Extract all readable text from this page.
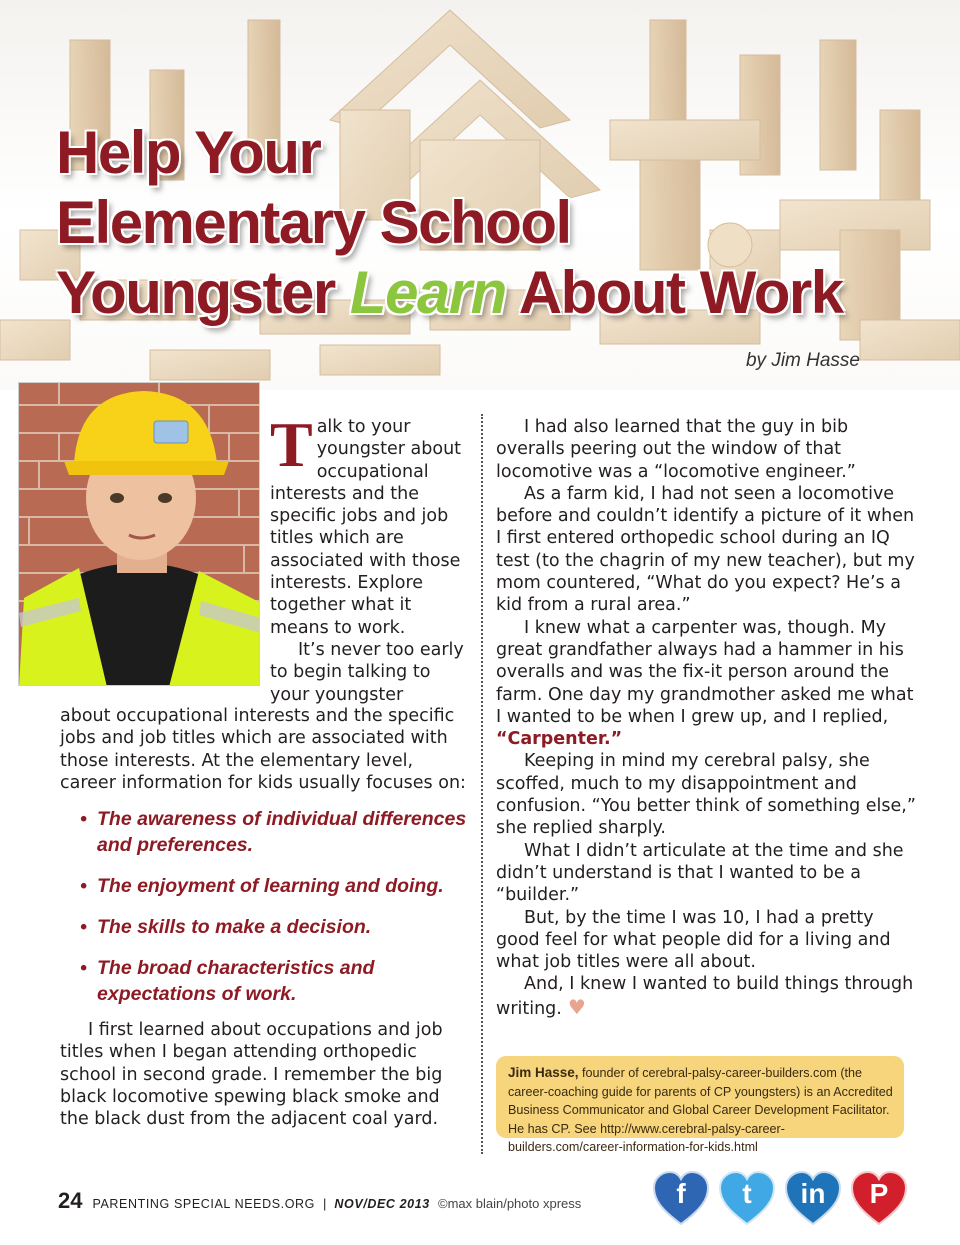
Help Your
Elementary School
Youngster Learn About Work
by Jim Hasse
Talk to your youngster about occupational interests and the specific jobs and job titles which are associated with those interests. Explore together what it means to work.
It’s never too early to begin talking to your youngster
about occupational interests and the specific jobs and job titles which are associated with those interests. At the elementary level, career information for kids usually focuses on:
• The awareness of individual differences and preferences.
• The enjoyment of learning and doing.
• The skills to make a decision.
• The broad characteristics and expectations of work.
I first learned about occupations and job titles when I began attending orthopedic school in second grade. I remember the big black locomotive spewing black smoke and the black dust from the adjacent coal yard.
I had also learned that the guy in bib overalls peering out the window of that locomotive was a “locomotive engineer.”
As a farm kid, I had not seen a locomotive before and couldn’t identify a picture of it when I first entered orthopedic school during an IQ test (to the chagrin of my new teacher), but my mom countered, “What do you expect? He’s a kid from a rural area.”
I knew what a carpenter was, though. My great grandfather always had a hammer in his overalls and was the fix-it person around the farm. One day my grandmother asked me what I wanted to be when I grew up, and I replied, “Carpenter.”
Keeping in mind my cerebral palsy, she scoffed, much to my disappointment and confusion. “You better think of something else,” she replied sharply.
What I didn’t articulate at the time and she didn’t understand is that I wanted to be a “builder.”
But, by the time I was 10, I had a pretty good feel for what people did for a living and what job titles were all about.
And, I knew I wanted to build things through writing. ♥
Jim Hasse, founder of cerebral-palsy-career-builders.com (the career-coaching guide for parents of CP youngsters) is an Accredited Business Communicator and Global Career Development Facilitator. He has CP. See http://www.cerebral-palsy-career-builders.com/career-information-for-kids.html
24 PARENTING SPECIAL NEEDS.ORG | NOV/DEC 2013 ©max blain/photo xpress	f	t	in	P
